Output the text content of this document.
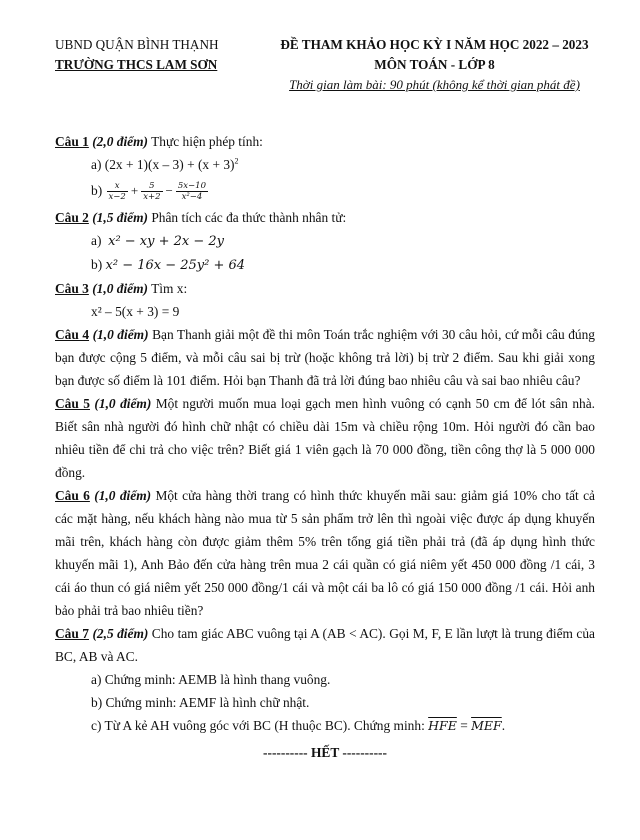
UBND QUẬN BÌNH THẠNH
TRƯỜNG THCS LAM SƠN
ĐỀ THAM KHẢO HỌC KỲ I NĂM HỌC 2022 – 2023
MÔN TOÁN - LỚP 8
Thời gian làm bài: 90 phút (không kể thời gian phát đề)
Câu 1 (2,0 điểm) Thực hiện phép tính:
a) $(2x + 1)(x - 3) + (x + 3)^2$
$b) \frac{x}{x-2} + \frac{5}{x+2} - \frac{5x-10}{\text{x²−4}}$
Câu 2 (1,5 điểm) Phân tích các đa thức thành nhân tử:
a) x² − xy + 2x − 2y
b) x² − 16x − 25y² + 64
Câu 3 (1,0 điểm) Tìm x:
x² – 5(x + 3) = 9
Câu 4 (1,0 điểm) Bạn Thanh giải một đề thi môn Toán trắc nghiệm với 30 câu hỏi, cứ mỗi câu đúng bạn được cộng 5 điểm, và mỗi câu sai bị trừ (hoặc không trả lời) bị trừ 2 điểm. Sau khi giải xong bạn được số điểm là 101 điểm. Hỏi bạn Thanh đã trả lời đúng bao nhiêu câu và sai bao nhiêu câu?
Câu 5 (1,0 điểm) Một người muốn mua loại gạch men hình vuông có cạnh 50 cm để lót sân nhà. Biết sân nhà người đó hình chữ nhật có chiều dài 15m và chiều rộng 10m. Hỏi người đó cần bao nhiêu tiền để chi trả cho việc trên? Biết giá 1 viên gạch là 70 000 đồng, tiền công thợ là 5 000 000 đồng.
Câu 6 (1,0 điểm) Một cửa hàng thời trang có hình thức khuyến mãi sau: giảm giá 10% cho tất cả các mặt hàng, nếu khách hàng nào mua từ 5 sản phẩm trở lên thì ngoài việc được áp dụng khuyến mãi trên, khách hàng còn được giảm thêm 5% trên tổng giá tiền phải trả (đã áp dụng hình thức khuyến mãi 1), Anh Bảo đến cửa hàng trên mua 2 cái quần có giá niêm yết 450 000 đồng /1 cái, 3 cái áo thun có giá niêm yết 250 000 đồng/1 cái và một cái ba lô có giá 150 000 đồng /1 cái. Hỏi anh bảo phải trả bao nhiêu tiền?
Câu 7 (2,5 điểm) Cho tam giác ABC vuông tại A (AB < AC). Gọi M, F, E lần lượt là trung điểm của BC, AB và AC.
a) Chứng minh: AEMB là hình thang vuông.
b) Chứng minh: AEMF là hình chữ nhật.
c) Từ A kẻ AH vuông góc với BC (H thuộc BC). Chứng minh: $\overline{HFE} = \overline{MEF}$.
---------- HẾT ----------
